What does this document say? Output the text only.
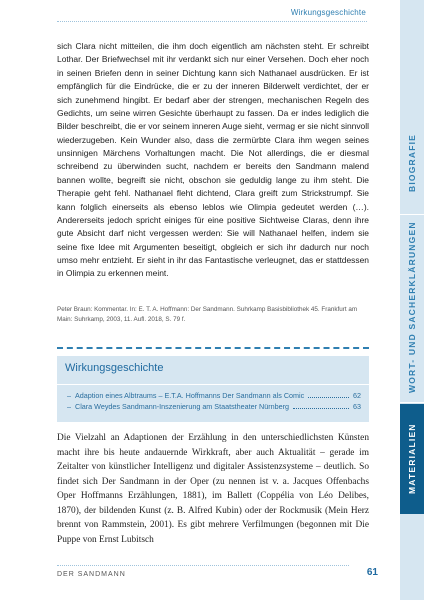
Wirkungsgeschichte
BIOGRAFIE
WORT- UND SACHERKLÄRUNGEN
MATERIALIEN

sich Clara nicht mitteilen, die ihm doch eigentlich am nächsten steht. Er schreibt Lothar. Der Briefwechsel mit ihr verdankt sich nur einer Versehen. Doch eher noch in seinen Briefen denn in seiner Dichtung kann sich Nathanael ausdrücken. Er ist empfänglich für die Eindrücke, die er zu der inneren Bilderwelt verdichtet, der er sich zunehmend hingibt. Er bedarf aber der strengen, mechanischen Regeln des Gedichts, um seine wirren Gesichte überhaupt zu fassen. Da er indes lediglich die Bilder beschreibt, die er vor seinem inneren Auge sieht, vermag er sie nicht sinnvoll wiederzugeben. Kein Wunder also, dass die zermürbte Clara ihm wegen seines unsinnigen Märchens Vorhaltungen macht. Die Not allerdings, die er diesmal schreibend zu überwinden sucht, nachdem er bereits den Sandmann malend bannen wollte, begreift sie nicht, obschon sie geduldig lange zu ihm steht. Die Therapie geht fehl. Nathanael fleht dichtend, Clara greift zum Strickstrumpf. Sie kann folglich einerseits als ebenso leblos wie Olimpia gedeutet werden (…). Andererseits jedoch spricht einiges für eine positive Sichtweise Claras, denn ihre gute Absicht darf nicht vergessen werden: Sie will Nathanael helfen, indem sie seine fixe Idee mit Argumenten beseitigt, obgleich er sich ihr dadurch nur noch umso mehr entzieht. Er sieht in ihr das Fantastische verleugnet, das er stattdessen in Olimpia zu erkennen meint.

Peter Braun: Kommentar. In: E. T. A. Hoffmann: Der Sandmann. Suhrkamp Basisbibliothek 45. Frankfurt am Main: Suhrkamp, 2003, 11. Aufl. 2018, S. 79 f.

Wirkungsgeschichte
– Adaption eines Albtraums – E.T.A. Hoffmanns Der Sandmann als Comic	62
– Clara Weydes Sandmann-Inszenierung am Staatstheater Nürnberg	63

Die Vielzahl an Adaptionen der Erzählung in den unterschiedlichsten Künsten macht ihre bis heute andauernde Wirkkraft, aber auch Aktualität – gerade im Zeitalter von künstlicher Intelligenz und digitaler Assistenzsysteme – deutlich. So findet sich Der Sandmann in der Oper (zu nennen ist v. a. Jacques Offenbachs Oper Hoffmanns Erzählungen, 1881), im Ballett (Coppélia von Léo Delibes, 1870), der bildenden Kunst (z. B. Alfred Kubin) oder der Rockmusik (Mein Herz brennt von Rammstein, 2001). Es gibt mehrere Verfilmungen (begonnen mit Die Puppe von Ernst Lubitsch

DER SANDMANN	61
